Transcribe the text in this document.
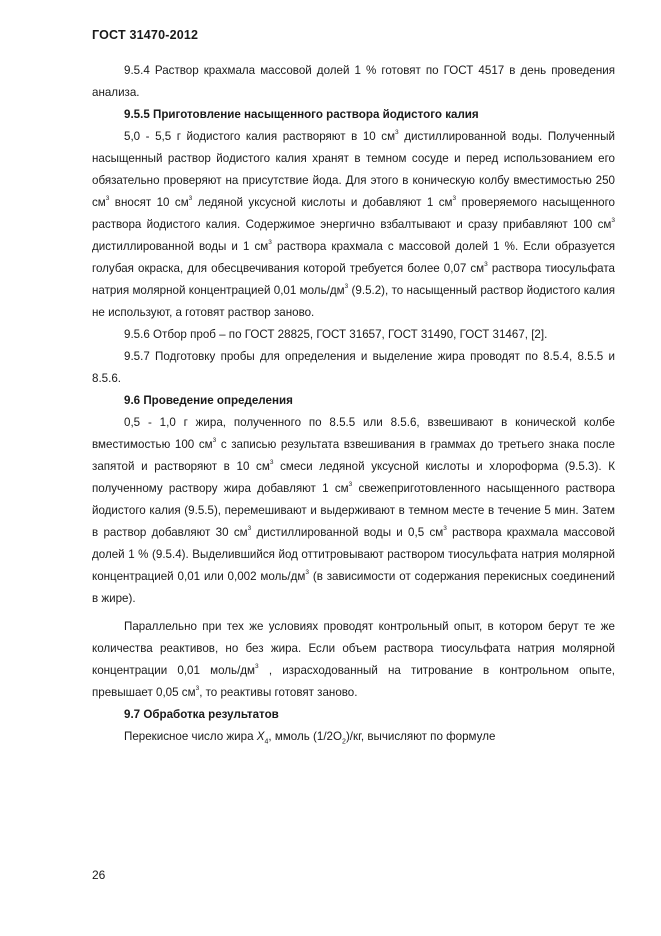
ГОСТ 31470-2012

9.5.4 Раствор крахмала массовой долей 1 % готовят по ГОСТ 4517 в день проведения анализа.

9.5.5 Приготовление насыщенного раствора йодистого калия

5,0 - 5,5 г йодистого калия растворяют в 10 $см^3$ дистиллированной воды. Полученный насыщенный раствор йодистого калия хранят в темном сосуде и перед использованием его обязательно проверяют на присутствие йода. Для этого в коническую колбу вместимостью 250 $см^3$ вносят 10 $см^3$ ледяной уксусной кислоты и добавляют 1 $см^3$ проверяемого насыщенного раствора йодистого калия. Содержимое энергично взбалтывают и сразу прибавляют 100 $см^3$ дистиллированной воды и 1 $см^3$ раствора крахмала с массовой долей 1 %. Если образуется голубая окраска, для обесцвечивания которой требуется более 0,07 $см^3$ раствора тиосульфата натрия молярной концентрацией 0,01 моль/$дм^3$ (9.5.2), то насыщенный раствор йодистого калия не используют, а готовят раствор заново.

9.5.6 Отбор проб – по ГОСТ 28825, ГОСТ 31657, ГОСТ 31490, ГОСТ 31467, [2].

9.5.7 Подготовку пробы для определения и выделение жира проводят по 8.5.4, 8.5.5 и 8.5.6.

9.6 Проведение определения

0,5 - 1,0 г жира, полученного по 8.5.5 или 8.5.6, взвешивают в конической колбе вместимостью 100 $см^3$ с записью результата взвешивания в граммах до третьего знака после запятой и растворяют в 10 $см^3$ смеси ледяной уксусной кислоты и хлороформа (9.5.3). К полученному раствору жира добавляют 1 $см^3$ свежеприготовленного насыщенного раствора йодистого калия (9.5.5), перемешивают и выдерживают в темном месте в течение 5 мин. Затем в раствор добавляют 30 $см^3$ дистиллированной воды и 0,5 $см^3$ раствора крахмала массовой долей 1 % (9.5.4). Выделившийся йод оттитровывают раствором тиосульфата натрия молярной концентрацией 0,01 или 0,002 моль/$дм^3$ (в зависимости от содержания перекисных соединений в жире).

Параллельно при тех же условиях проводят контрольный опыт, в котором берут те же количества реактивов, но без жира. Если объем раствора тиосульфата натрия молярной концентрации 0,01 моль/$дм^3$ , израсходованный на титрование в контрольном опыте, превышает 0,05 $см^3$, то реактивы готовят заново.

9.7 Обработка результатов

Перекисное число жира $X_4$, ммоль $(1/2O_2)/кг$, вычисляют по формуле

26
